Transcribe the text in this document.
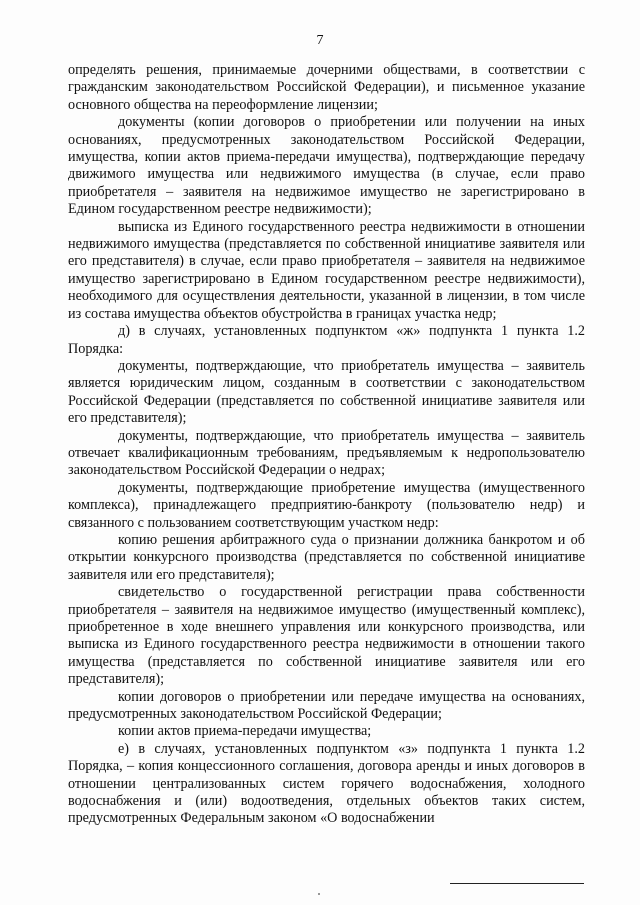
7

определять решения, принимаемые дочерними обществами, в соответствии с гражданским законодательством Российской Федерации), и письменное указание основного общества на переоформление лицензии;

документы (копии договоров о приобретении или получении на иных основаниях, предусмотренных законодательством Российской Федерации, имущества, копии актов приема-передачи имущества), подтверждающие передачу движимого имущества или недвижимого имущества (в случае, если право приобретателя – заявителя на недвижимое имущество не зарегистрировано в Едином государственном реестре недвижимости);

выписка из Единого государственного реестра недвижимости в отношении недвижимого имущества (представляется по собственной инициативе заявителя или его представителя) в случае, если право приобретателя – заявителя на недвижимое имущество зарегистрировано в Едином государственном реестре недвижимости), необходимого для осуществления деятельности, указанной в лицензии, в том числе из состава имущества объектов обустройства в границах участка недр;

д) в случаях, установленных подпунктом «ж» подпункта 1 пункта 1.2 Порядка:

документы, подтверждающие, что приобретатель имущества – заявитель является юридическим лицом, созданным в соответствии с законодательством Российской Федерации (представляется по собственной инициативе заявителя или его представителя);

документы, подтверждающие, что приобретатель имущества – заявитель отвечает квалификационным требованиям, предъявляемым к недропользователю законодательством Российской Федерации о недрах;

документы, подтверждающие приобретение имущества (имущественного комплекса), принадлежащего предприятию-банкроту (пользователю недр) и связанного с пользованием соответствующим участком недр:

копию решения арбитражного суда о признании должника банкротом и об открытии конкурсного производства (представляется по собственной инициативе заявителя или его представителя);

свидетельство о государственной регистрации права собственности приобретателя – заявителя на недвижимое имущество (имущественный комплекс), приобретенное в ходе внешнего управления или конкурсного производства, или выписка из Единого государственного реестра недвижимости в отношении такого имущества (представляется по собственной инициативе заявителя или его представителя);

копии договоров о приобретении или передаче имущества на основаниях, предусмотренных законодательством Российской Федерации;

копии актов приема-передачи имущества;

е) в случаях, установленных подпунктом «з» подпункта 1 пункта 1.2 Порядка, – копия концессионного соглашения, договора аренды и иных договоров в отношении централизованных систем горячего водоснабжения, холодного водоснабжения и (или) водоотведения, отдельных объектов таких систем, предусмотренных Федеральным законом «О водоснабжении
